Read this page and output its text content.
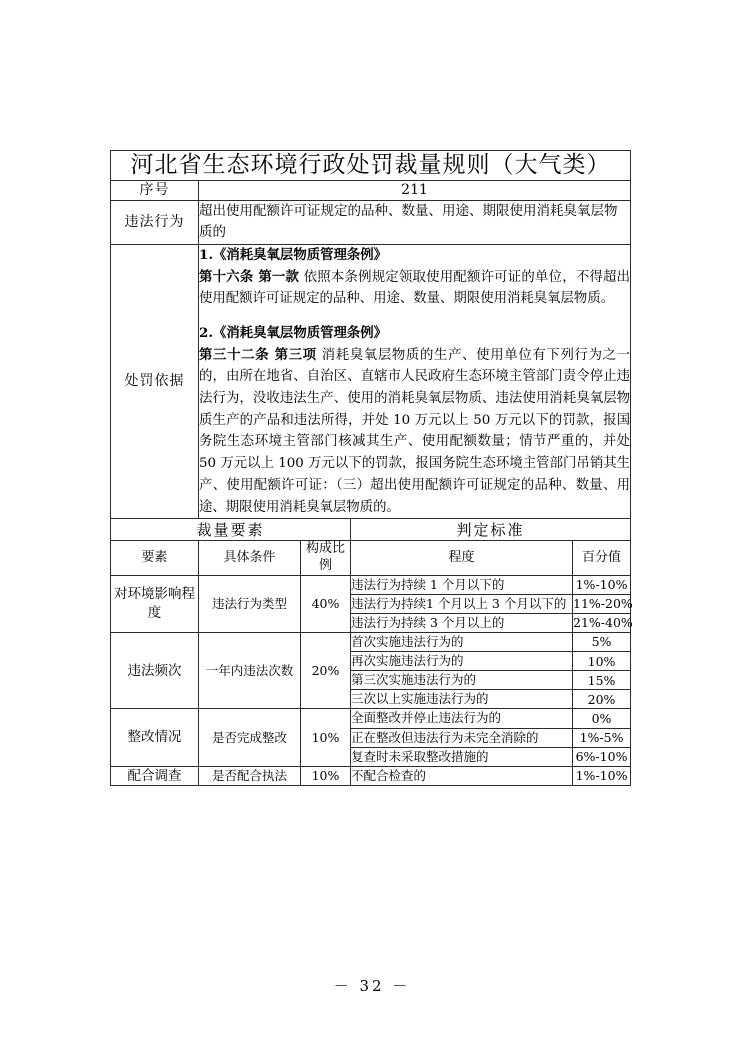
河北省生态环境行政处罚裁量规则（大气类）				
序号	211			
违法行为	超出使用配额许可证规定的品种、数量、用途、期限使用消耗臭氧层物质的			
处罚依据	1.《消耗臭氧层物质管理条例》

第十六条 第一款 依照本条例规定领取使用配额许可证的单位，不得超出使用配额许可证规定的品种、用途、数量、期限使用消耗臭氧层物质。

2.《消耗臭氧层物质管理条例》

第三十二条 第三项 消耗臭氧层物质的生产、使用单位有下列行为之一的，由所在地省、自治区、直辖市人民政府生态环境主管部门责令停止违法行为，没收违法生产、使用的消耗臭氧层物质、违法使用消耗臭氧层物质生产的产品和违法所得，并处 10 万元以上 50 万元以下的罚款，报国务院生态环境主管部门核减其生产、使用配额数量；情节严重的，并处 50 万元以上 100 万元以下的罚款，报国务院生态环境主管部门吊销其生产、使用配额许可证：（三）超出使用配额许可证规定的品种、数量、用途、期限使用消耗臭氧层物质的。			

裁量要素			判定标准	
要素	具体条件	构成比例	程度	百分值
对环境影响程度	违法行为类型	40%	违法行为持续 1 个月以下的	1%-10%
			违法行为持续1 个月以上 3 个月以下的	11%-20%
			违法行为持续 3 个月以上的	21%-40%
违法频次	一年内违法次数	20%	首次实施违法行为的	5%
			再次实施违法行为的	10%
			第三次实施违法行为的	15%
			三次以上实施违法行为的	20%
整改情况	是否完成整改	10%	全面整改并停止违法行为的	0%
			正在整改但违法行为未完全消除的	1%-5%
			复查时未采取整改措施的	6%-10%
配合调查	是否配合执法	10%	不配合检查的	1%-10%
－ 32 －
